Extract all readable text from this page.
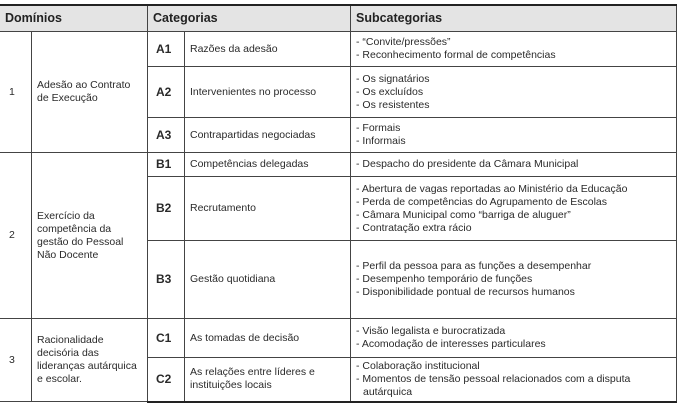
Domínios		Categorias		Subcategorias
1	Adesão ao Contrato de Execução	A1	Razões da adesão	- “Convite/pressões”
- Reconhecimento formal de competências

		A2	Intervenientes no processo	- Os signatários
- Os excluídos
- Os resistentes

		A3	Contrapartidas negociadas	- Formais
- Informais

2	Exercício da competência da gestão do Pessoal Não Docente	B1	Competências delegadas	- Despacho do presidente da Câmara Municipal

		B2	Recrutamento	- Abertura de vagas reportadas ao Ministério da Educação
- Perda de competências do Agrupamento de Escolas
- Câmara Municipal como “barriga de aluguer”
- Contratação extra rácio

		B3	Gestão quotidiana	- Perfil da pessoa para as funções a desempenhar
- Desempenho temporário de funções
- Disponibilidade pontual de recursos humanos

3	Racionalidade decisória das lideranças autárquica e escolar.	C1	As tomadas de decisão	- Visão legalista e burocratizada
- Acomodação de interesses particulares

		C2	As relações entre líderes e instituições locais	- Colaboração institucional
- Momentos de tensão pessoal relacionados com a disputa autárquica
